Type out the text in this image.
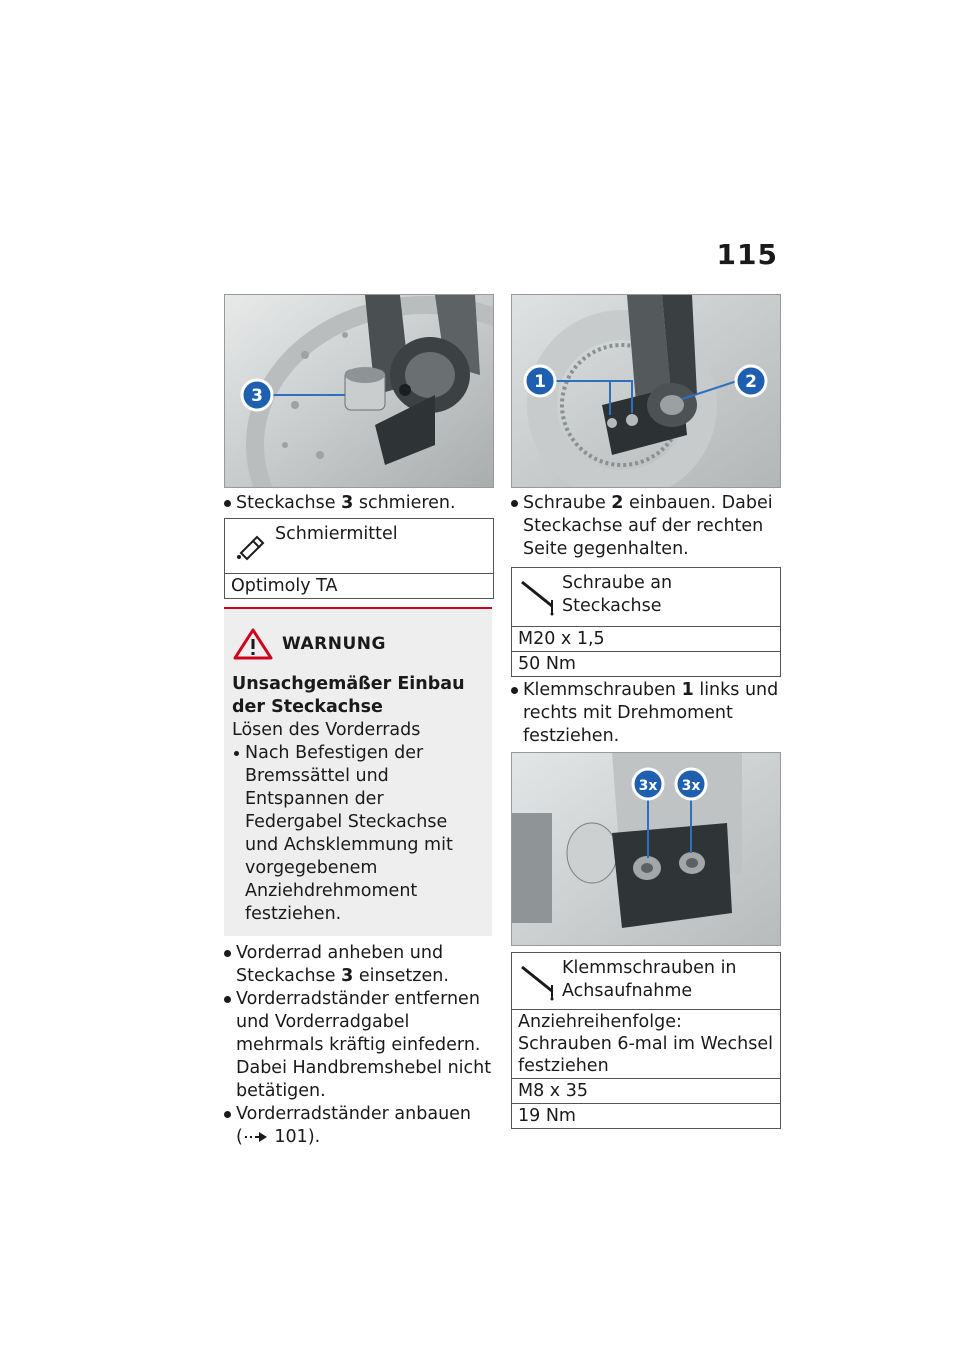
115
3

Steckachse 3 schmieren.

Schmiermittel
Optimoly TA
WARNUNG
Unsachgemäßer Einbau der Steckachse
Lösen des Vorderrads
Nach Befestigen der Bremssättel und Entspannen der Federgabel Steckachse und Achsklemmung mit vorgegebenem Anziehdrehmoment festziehen.

Vorderrad anheben und Steckachse 3 einsetzen.

Vorderradständer entfernen und Vorderradgabel mehrmals kräftig einfedern. Dabei Handbremshebel nicht betätigen.

Vorderradständer anbauen
( 101).

1	2

Schraube 2 einbauen. Dabei Steckachse auf der rechten Seite gegenhalten.

Schraube an Steckachse
M20 x 1,5
50 Nm

Klemmschrauben 1 links und rechts mit Drehmoment festziehen.

3x 3x
Klemmschrauben in Achsaufnahme
Anziehreihenfolge: Schrauben 6-mal im Wechsel festziehen
M8 x 35
19 Nm
